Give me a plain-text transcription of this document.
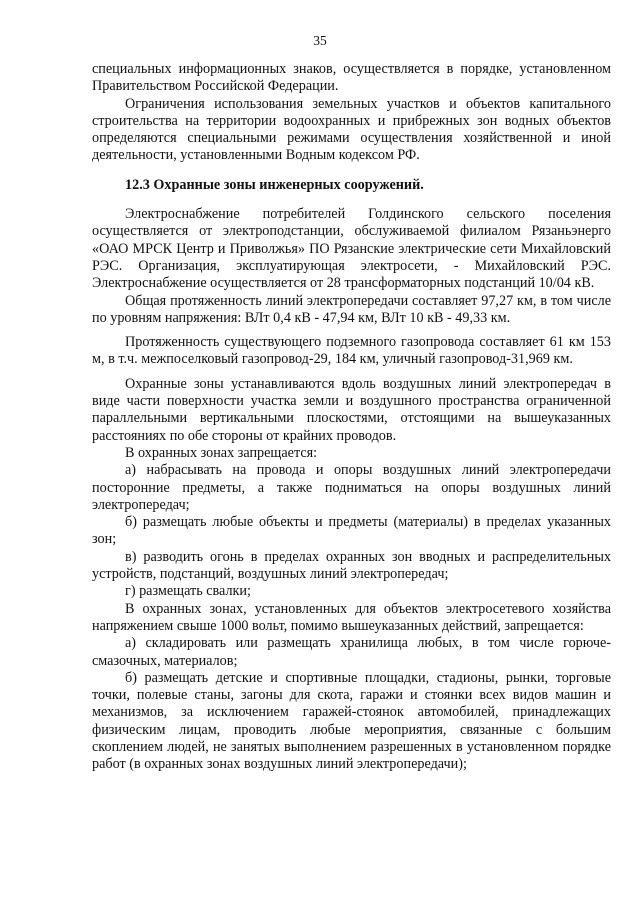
35

специальных информационных знаков, осуществляется в порядке, установленном Правительством Российской Федерации.

Ограничения использования земельных участков и объектов капитального строительства на территории водоохранных и прибрежных зон водных объектов определяются специальными режимами осуществления хозяйственной и иной деятельности, установленными Водным кодексом РФ.

12.3 Охранные зоны инженерных сооружений.

Электроснабжение потребителей Голдинского сельского поселения осуществляется от электроподстанции, обслуживаемой филиалом Рязаньэнерго «ОАО МРСК Центр и Приволжья» ПО Рязанские электрические сети Михайловский РЭС. Организация, эксплуатирующая электросети, - Михайловский РЭС. Электроснабжение осуществляется от 28 трансформаторных подстанций 10/04 кВ.

Общая протяженность линий электропередачи составляет 97,27 км, в том числе по уровням напряжения: ВЛт 0,4 кВ - 47,94 км, ВЛт 10 кВ - 49,33 км.

Протяженность существующего подземного газопровода составляет 61 км 153 м, в т.ч. межпоселковый газопровод-29, 184 км, уличный газопровод-31,969 км.

Охранные зоны устанавливаются вдоль воздушных линий электропередач в виде части поверхности участка земли и воздушного пространства ограниченной параллельными вертикальными плоскостями, отстоящими на вышеуказанных расстояниях по обе стороны от крайних проводов.

В охранных зонах запрещается:

а) набрасывать на провода и опоры воздушных линий электропередачи посторонние предметы, а также подниматься на опоры воздушных линий электропередач;

б) размещать любые объекты и предметы (материалы) в пределах указанных зон;

в) разводить огонь в пределах охранных зон вводных и распределительных устройств, подстанций, воздушных линий электропередач;

г) размещать свалки;

В охранных зонах, установленных для объектов электросетевого хозяйства напряжением свыше 1000 вольт, помимо вышеуказанных действий, запрещается:

а) складировать или размещать хранилища любых, в том числе горюче-смазочных, материалов;

б) размещать детские и спортивные площадки, стадионы, рынки, торговые точки, полевые станы, загоны для скота, гаражи и стоянки всех видов машин и механизмов, за исключением гаражей-стоянок автомобилей, принадлежащих физическим лицам, проводить любые мероприятия, связанные с большим скоплением людей, не занятых выполнением разрешенных в установленном порядке работ (в охранных зонах воздушных линий электропередачи);
